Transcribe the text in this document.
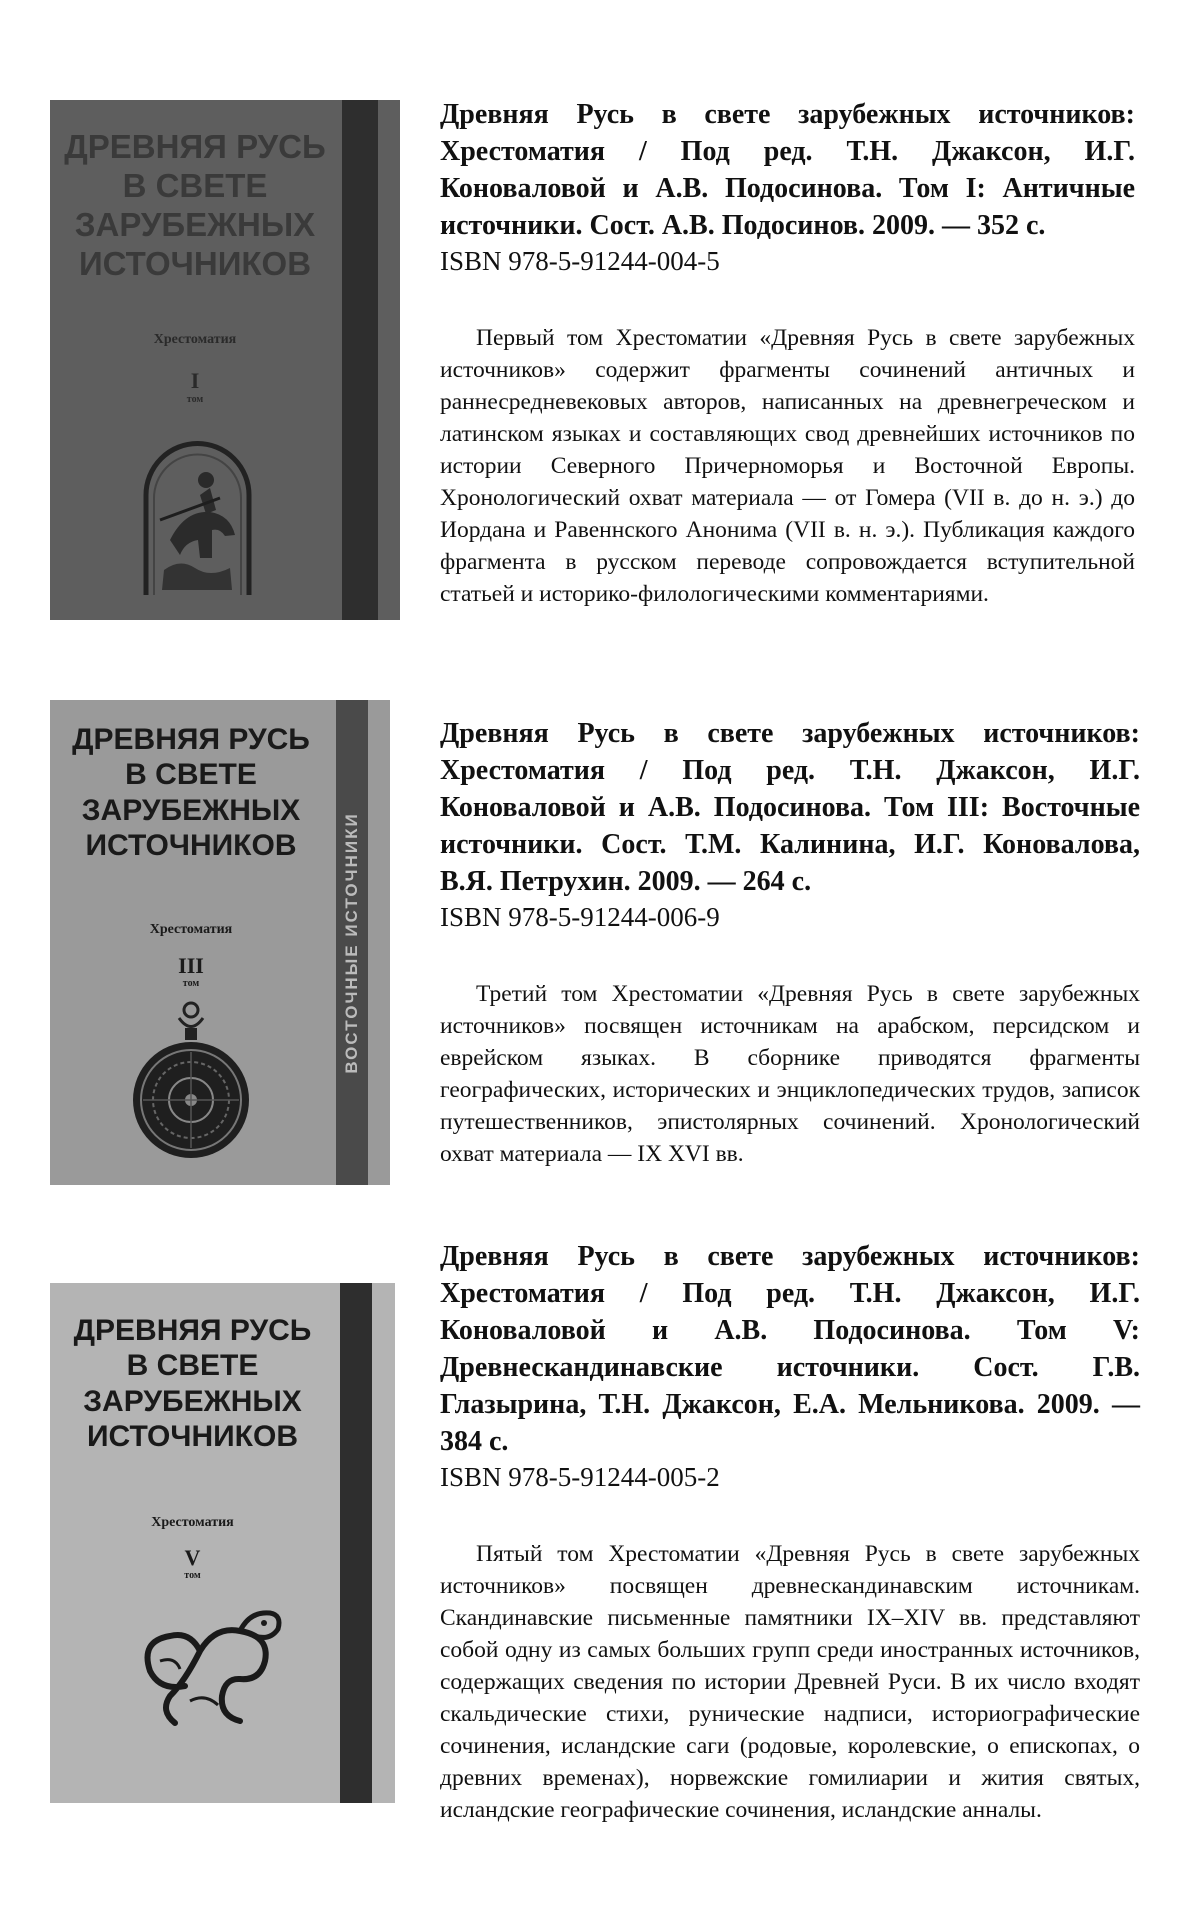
ДРЕВНЯЯ РУСЬ
В СВЕТЕ
ЗАРУБЕЖНЫХ
ИСТОЧНИКОВ
Хрестоматия
I
том

Древняя Русь в свете зарубежных источников: Хрестоматия / Под ред. Т.Н. Джаксон, И.Г. Коноваловой и А.В. Подосинова. Том I: Античные источники. Сост. А.В. Подосинов. 2009. — 352 с.

ISBN 978-5-91244-004-5

Первый том Хрестоматии «Древняя Русь в свете зарубежных источников» содержит фрагменты сочинений античных и раннесредневековых авторов, написанных на древнегреческом и латинском языках и составляющих свод древнейших источников по истории Северного Причерноморья и Восточной Европы. Хронологический охват материала — от Гомера (VII в. до н. э.) до Иордана и Равеннского Анонима (VII в. н. э.). Публикация каждого фрагмента в русском переводе сопровождается вступительной статьей и историко-филологическими комментариями.

ВОСТОЧНЫЕ ИСТОЧНИКИ
ДРЕВНЯЯ РУСЬ
В СВЕТЕ
ЗАРУБЕЖНЫХ
ИСТОЧНИКОВ
Хрестоматия
III
том

Древняя Русь в свете зарубежных источников: Хрестоматия / Под ред. Т.Н. Джаксон, И.Г. Коноваловой и А.В. Подосинова. Том III: Восточные источники. Сост. Т.М. Калинина, И.Г. Коновалова, В.Я. Петрухин. 2009. — 264 с.

ISBN 978-5-91244-006-9

Третий том Хрестоматии «Древняя Русь в свете зарубежных источников» посвящен источникам на арабском, персидском и еврейском языках. В сборнике приводятся фрагменты географических, исторических и энциклопедических трудов, записок путешественников, эпистолярных сочинений. Хронологический охват материала — IX XVI вв.

ДРЕВНЯЯ РУСЬ
В СВЕТЕ
ЗАРУБЕЖНЫХ
ИСТОЧНИКОВ
Хрестоматия
V
том

Древняя Русь в свете зарубежных источников: Хрестоматия / Под ред. Т.Н. Джаксон, И.Г. Коноваловой и А.В. Подосинова. Том V: Древнескандинавские источники. Сост. Г.В. Глазырина, Т.Н. Джаксон, Е.А. Мельникова. 2009. — 384 с.

ISBN 978-5-91244-005-2

Пятый том Хрестоматии «Древняя Русь в свете зарубежных источников» посвящен древнескандинавским источникам. Скандинавские письменные памятники IX–XIV вв. представляют собой одну из самых больших групп среди иностранных источников, содержащих сведения по истории Древней Руси. В их число входят скальдические стихи, рунические надписи, историографические сочинения, исландские саги (родовые, королевские, о епископах, о древних временах), норвежские гомилиарии и жития святых, исландские географические сочинения, исландские анналы.
